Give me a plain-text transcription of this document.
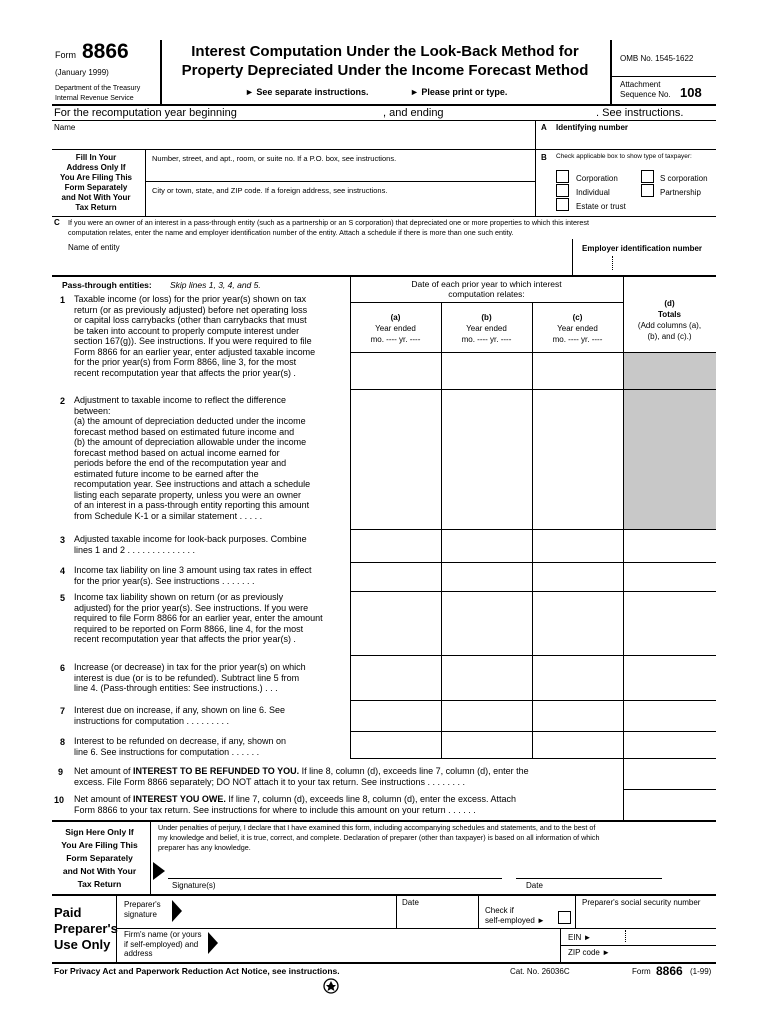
Form 8866
(January 1999)
Department of the Treasury
Internal Revenue Service
Interest Computation Under the Look-Back Method for
Property Depreciated Under the Income Forecast Method
► See separate instructions.	► Please print or type.
OMB No. 1545-1622
Attachment
Sequence No. 108
For the recomputation year beginning	, and ending	. See instructions.
Name	A Identifying number
Fill In Your
Address Only If
You Are Filing This
Form Separately
and Not With Your
Tax Return
Number, street, and apt., room, or suite no. If a P.O. box, see instructions.
City or town, state, and ZIP code. If a foreign address, see instructions.
B Check applicable box to show type of taxpayer:
Corporation	S corporation
Individual	Partnership
Estate or trust
C If you were an owner of an interest in a pass-through entity (such as a partnership or an S corporation) that depreciated one or more properties to which this interest
computation relates, enter the name and employer identification number of the entity. Attach a schedule if there is more than one such entity.
Name of entity	Employer identification number
Pass-through entities: Skip lines 1, 3, 4, and 5.	Date of each prior year to which interest
computation relates:
(a)
Year ended
mo. ---- yr. ----
(b)
Year ended
mo. ---- yr. ----
(c)
Year ended
mo. ---- yr. ----
(d)
Totals
(Add columns (a),
(b), and (c).)
1 Taxable income (or loss) for the prior year(s) shown on tax
return (or as previously adjusted) before net operating loss
or capital loss carrybacks (other than carrybacks that must
be taken into account to properly compute interest under
section 167(g)). See instructions. If you were required to file
Form 8866 for an earlier year, enter adjusted taxable income
for the prior year(s) from Form 8866, line 3, for the most
recent recomputation year that affects the prior year(s) .
2 Adjustment to taxable income to reflect the difference
between:
(a) the amount of depreciation deducted under the income
forecast method based on estimated future income and
(b) the amount of depreciation allowable under the income
forecast method based on actual income earned for
periods before the end of the recomputation year and
estimated future income to be earned after the
recomputation year. See instructions and attach a schedule
listing each separate property, unless you were an owner
of an interest in a pass-through entity reporting this amount
from Schedule K-1 or a similar statement . . . . .
3 Adjusted taxable income for look-back purposes. Combine
lines 1 and 2 . . . . . . . . . . . . . .
4 Income tax liability on line 3 amount using tax rates in effect
for the prior year(s). See instructions . . . . . . .
5 Income tax liability shown on return (or as previously
adjusted) for the prior year(s). See instructions. If you were
required to file Form 8866 for an earlier year, enter the amount
required to be reported on Form 8866, line 4, for the most
recent recomputation year that affects the prior year(s) .
6 Increase (or decrease) in tax for the prior year(s) on which
interest is due (or is to be refunded). Subtract line 5 from
line 4. (Pass-through entities: See instructions.) . . .
7 Interest due on increase, if any, shown on line 6. See
instructions for computation . . . . . . . . .
8 Interest to be refunded on decrease, if any, shown on
line 6. See instructions for computation . . . . . .
9 Net amount of INTEREST TO BE REFUNDED TO YOU. If line 8, column (d), exceeds line 7, column (d), enter the
excess. File Form 8866 separately; DO NOT attach it to your tax return. See instructions . . . . . . . .
10 Net amount of INTEREST YOU OWE. If line 7, column (d), exceeds line 8, column (d), enter the excess. Attach
Form 8866 to your tax return. See instructions for where to include this amount on your return . . . . . .
Sign Here Only If
You Are Filing This
Form Separately
and Not With Your
Tax Return
Under penalties of perjury, I declare that I have examined this form, including accompanying schedules and statements, and to the best of
my knowledge and belief, it is true, correct, and complete. Declaration of preparer (other than taxpayer) is based on all information of which
preparer has any knowledge.
Signature(s)	Date
Paid
Preparer's
Use Only
Preparer's
signature
Date
Check if
self-employed ►
Preparer's social security number
Firm's name (or yours
if self-employed) and
address
EIN ►
ZIP code ►
For Privacy Act and Paperwork Reduction Act Notice, see instructions.	Cat. No. 26036C	Form 8866 (1-99)
